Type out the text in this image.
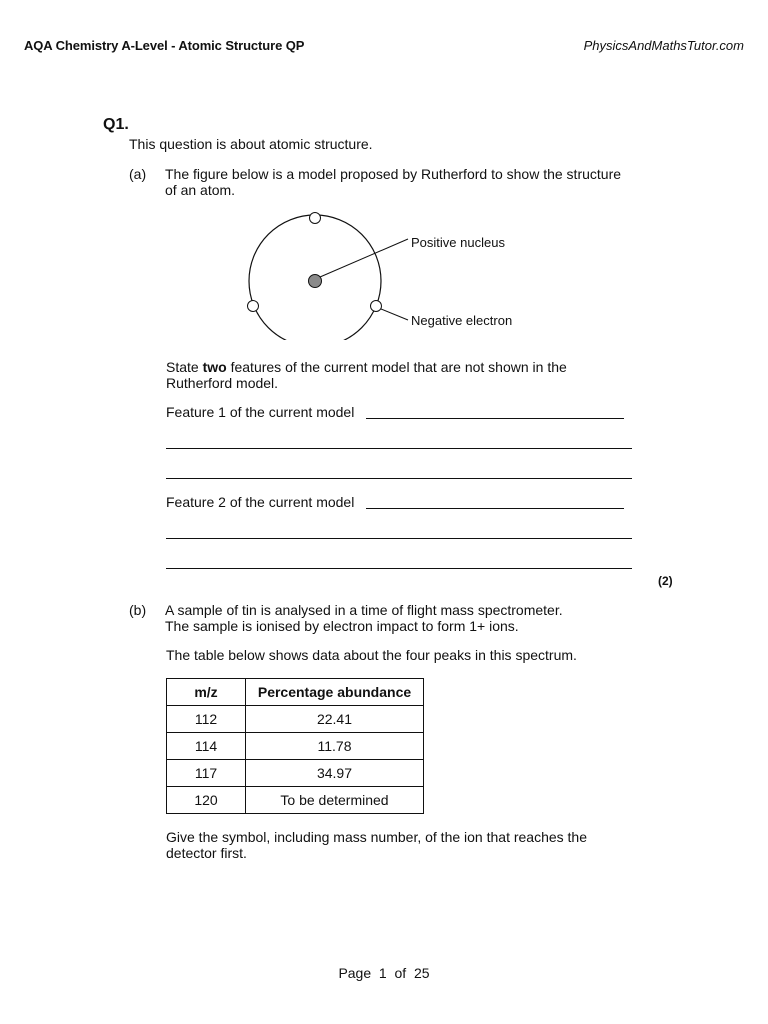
AQA Chemistry A-Level - Atomic Structure QP	PhysicsAndMathsTutor.com
Q1.
This question is about atomic structure.
(a) The figure below is a model proposed by Rutherford to show the structure
of an atom.
Positive nucleus
Negative electron
State two features of the current model that are not shown in the
Rutherford model.
Feature 1 of the current model
Feature 2 of the current model
(2)
(b) A sample of tin is analysed in a time of flight mass spectrometer.
The sample is ionised by electron impact to form 1+ ions.
The table below shows data about the four peaks in this spectrum.
m/z	Percentage abundance
112	22.41
114	11.78
117	34.97
120	To be determined
Give the symbol, including mass number, of the ion that reaches the
detector first.
Page 1 of 25
